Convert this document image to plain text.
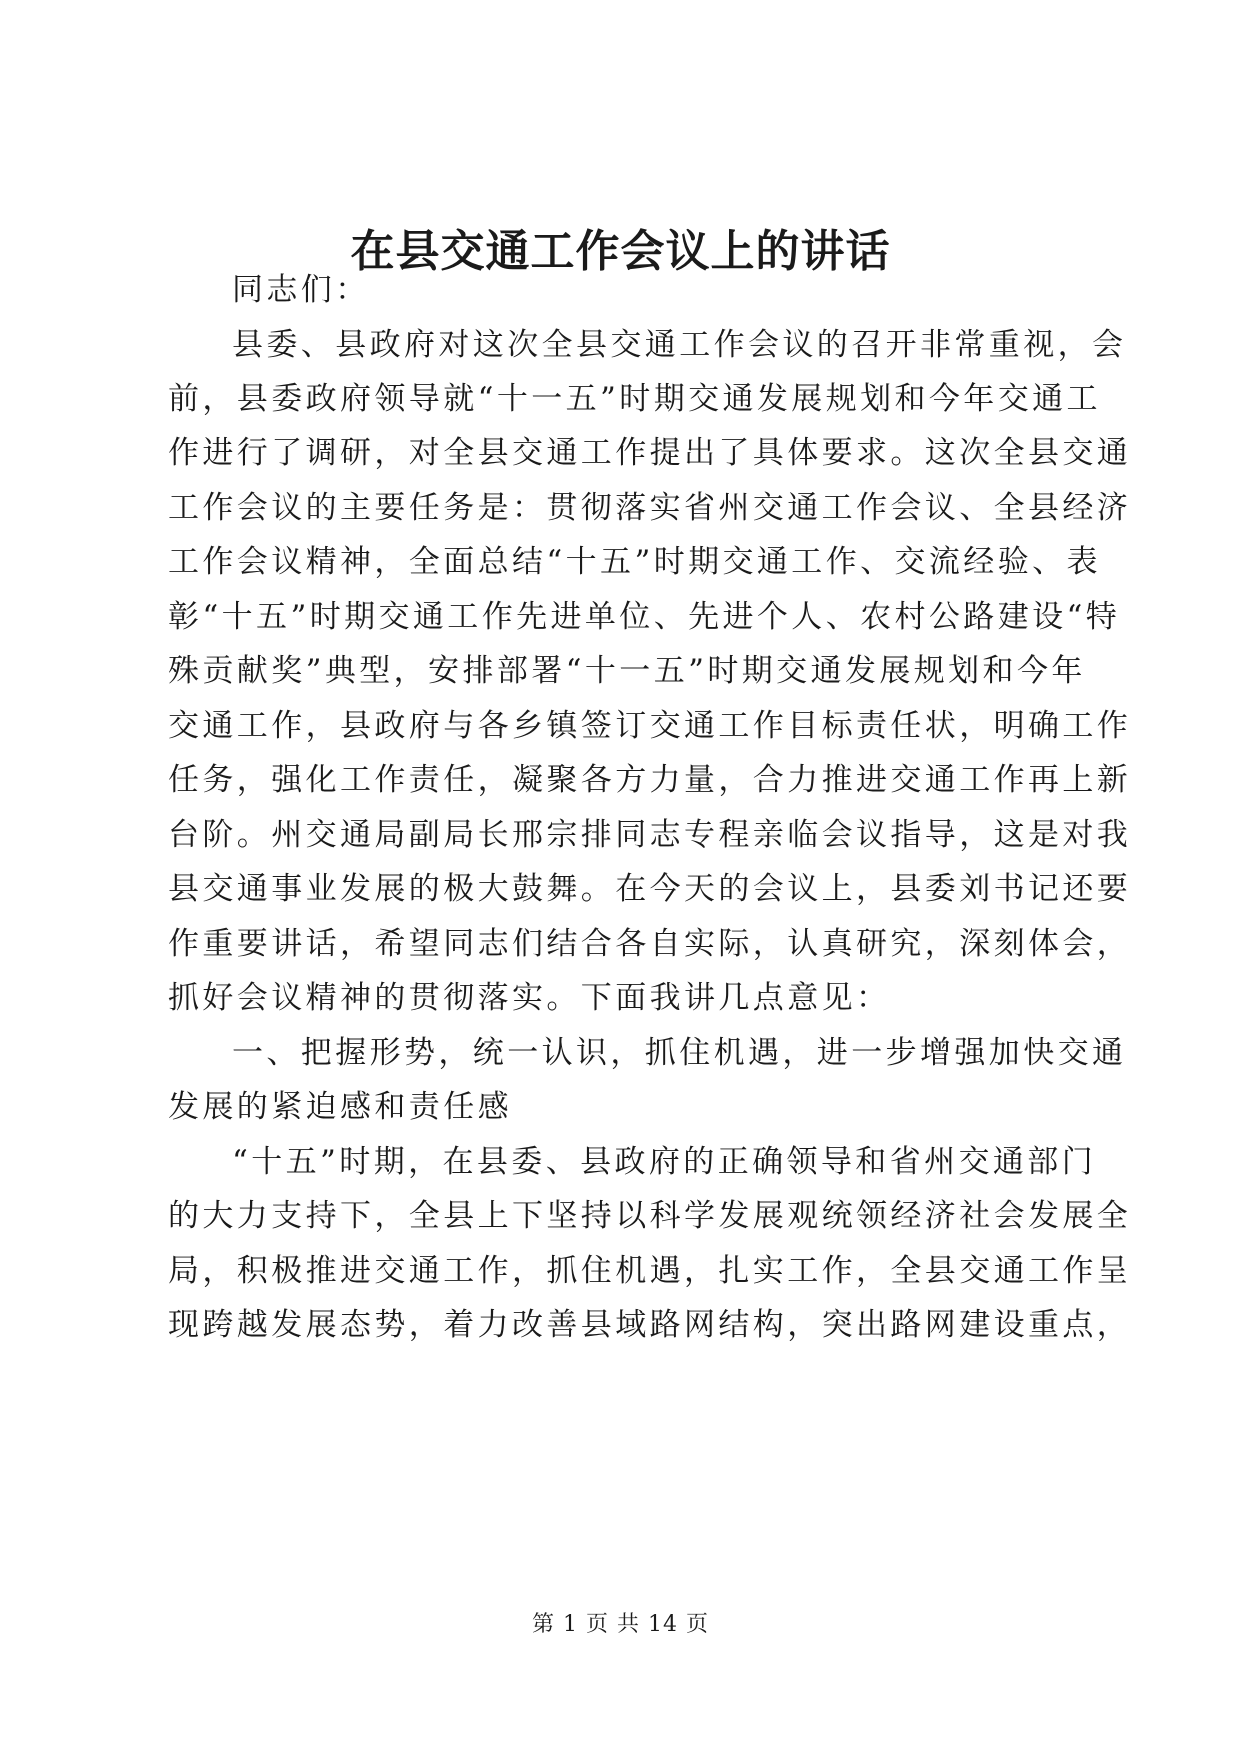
在县交通工作会议上的讲话

同志们：

县委、县政府对这次全县交通工作会议的召开非常重视，会

前，县委政府领导就“十一五”时期交通发展规划和今年交通工

作进行了调研，对全县交通工作提出了具体要求。这次全县交通

工作会议的主要任务是：贯彻落实省州交通工作会议、全县经济

工作会议精神，全面总结“十五”时期交通工作、交流经验、表

彰“十五”时期交通工作先进单位、先进个人、农村公路建设“特

殊贡献奖”典型，安排部署“十一五”时期交通发展规划和今年

交通工作，县政府与各乡镇签订交通工作目标责任状，明确工作

任务，强化工作责任，凝聚各方力量，合力推进交通工作再上新

台阶。州交通局副局长邢宗排同志专程亲临会议指导，这是对我

县交通事业发展的极大鼓舞。在今天的会议上，县委刘书记还要

作重要讲话，希望同志们结合各自实际，认真研究，深刻体会，

抓好会议精神的贯彻落实。下面我讲几点意见：

一、把握形势，统一认识，抓住机遇，进一步增强加快交通

发展的紧迫感和责任感

“十五”时期，在县委、县政府的正确领导和省州交通部门

的大力支持下，全县上下坚持以科学发展观统领经济社会发展全

局，积极推进交通工作，抓住机遇，扎实工作，全县交通工作呈

现跨越发展态势，着力改善县域路网结构，突出路网建设重点，

第 1 页 共 14 页
